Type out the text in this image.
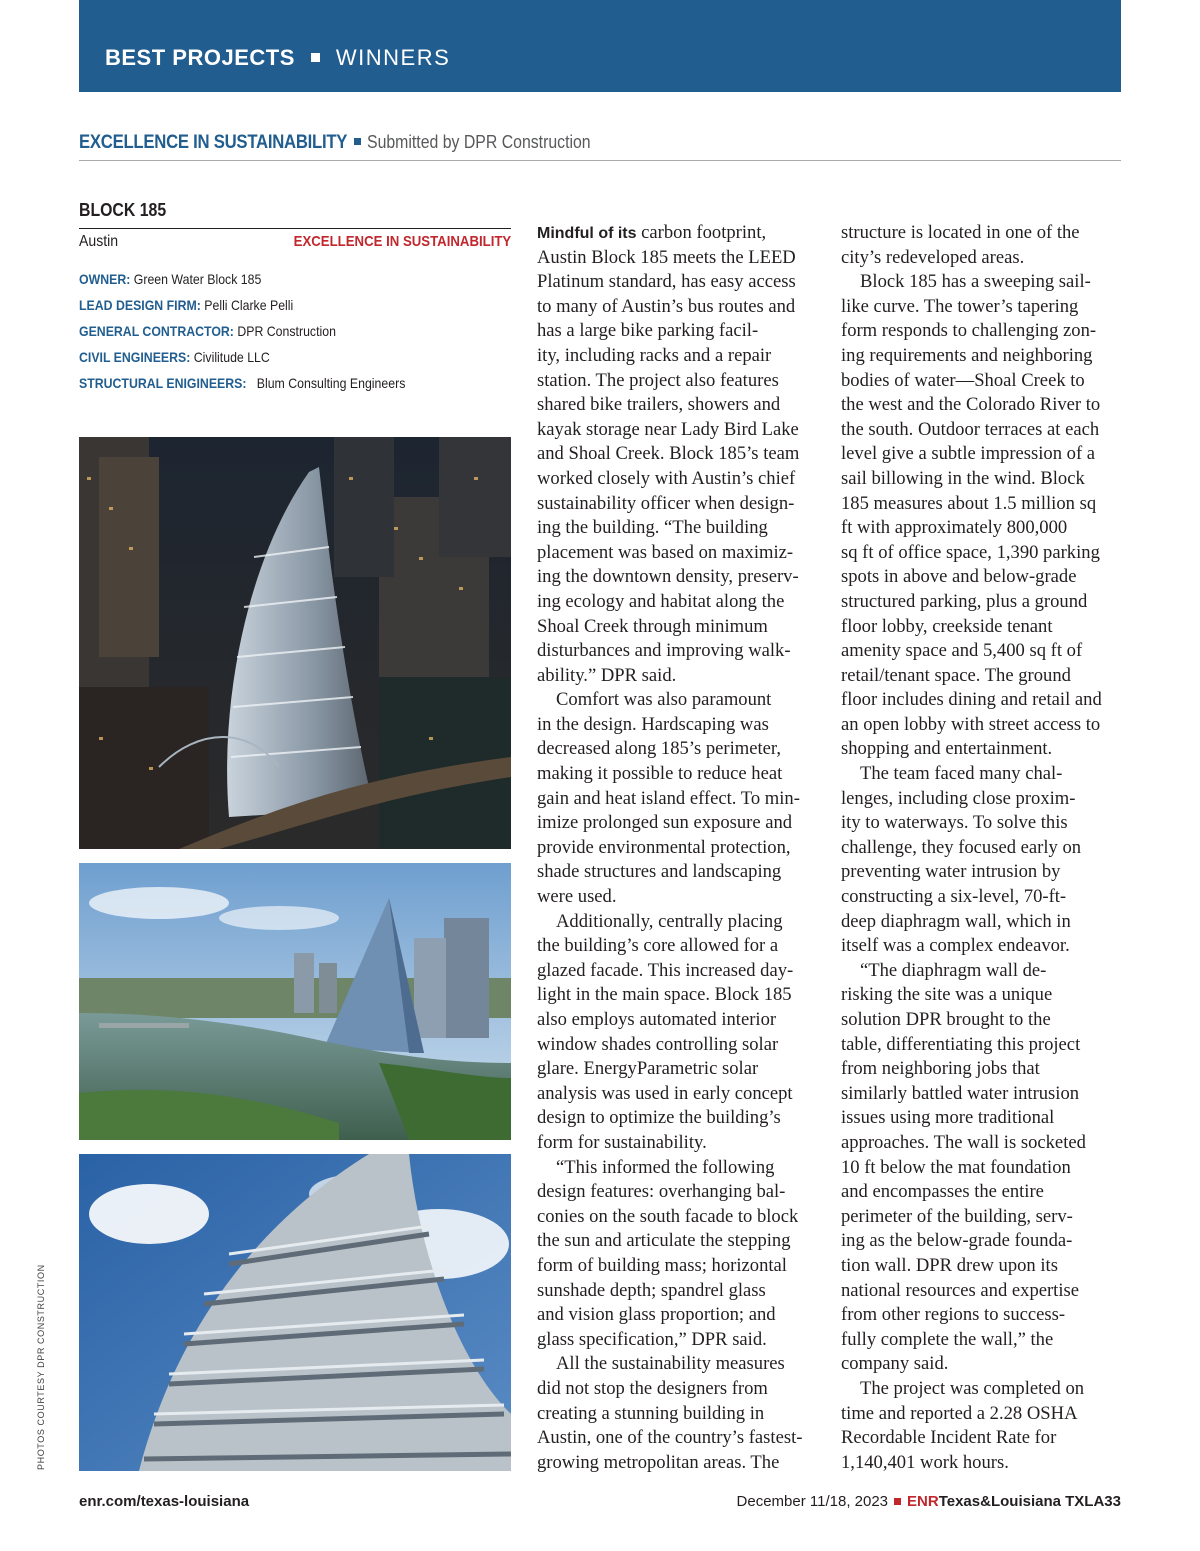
BEST PROJECTS WINNERS
EXCELLENCE IN SUSTAINABILITY Submitted by DPR Construction
BLOCK 185
Austin	EXCELLENCE IN SUSTAINABILITY
OWNER: Green Water Block 185
LEAD DESIGN FIRM: Pelli Clarke Pelli
GENERAL CONTRACTOR: DPR Construction
CIVIL ENGINEERS: Civilitude LLC
STRUCTURAL ENIGINEERS:   Blum Consulting Engineers
PHOTOS COURTESY DPR CONSTRUCTION
Mindful of its carbon footprint,
Austin Block 185 meets the LEED
Platinum standard, has easy access
to many of Austin’s bus routes and
has a large bike parking facil-
ity, including racks and a repair
station. The project also features
shared bike trailers, showers and
kayak storage near Lady Bird Lake
and Shoal Creek. Block 185’s team
worked closely with Austin’s chief
sustainability officer when design-
ing the building. “The building
placement was based on maximiz-
ing the downtown density, preserv-
ing ecology and habitat along the
Shoal Creek through minimum
disturbances and improving walk-
ability.” DPR said.
Comfort was also paramount
in the design. Hardscaping was
decreased along 185’s perimeter,
making it possible to reduce heat
gain and heat island effect. To min-
imize prolonged sun exposure and
provide environmental protection,
shade structures and landscaping
were used.
Additionally, centrally placing
the building’s core allowed for a
glazed facade. This increased day-
light in the main space. Block 185
also employs automated interior
window shades controlling solar
glare. EnergyParametric solar
analysis was used in early concept
design to optimize the building’s
form for sustainability.
“This informed the following
design features: overhanging bal-
conies on the south facade to block
the sun and articulate the stepping
form of building mass; horizontal
sunshade depth; spandrel glass
and vision glass proportion; and
glass specification,” DPR said.
All the sustainability measures
did not stop the designers from
creating a stunning building in
Austin, one of the country’s fastest-
growing metropolitan areas. The
structure is located in one of the
city’s redeveloped areas.
Block 185 has a sweeping sail-
like curve. The tower’s tapering
form responds to challenging zon-
ing requirements and neighboring
bodies of water—Shoal Creek to
the west and the Colorado River to
the south. Outdoor terraces at each
level give a subtle impression of a
sail billowing in the wind. Block
185 measures about 1.5 million sq
ft with approximately 800,000
sq ft of office space, 1,390 parking
spots in above and below-grade
structured parking, plus a ground
floor lobby, creekside tenant
amenity space and 5,400 sq ft of
retail/tenant space. The ground
floor includes dining and retail and
an open lobby with street access to
shopping and entertainment.
The team faced many chal-
lenges, including close proxim-
ity to waterways. To solve this
challenge, they focused early on
preventing water intrusion by
constructing a six-level, 70-ft-
deep diaphragm wall, which in
itself was a complex endeavor.
“The diaphragm wall de-
risking the site was a unique
solution DPR brought to the
table, differentiating this project
from neighboring jobs that
similarly battled water intrusion
issues using more traditional
approaches. The wall is socketed
10 ft below the mat foundation
and encompasses the entire
perimeter of the building, serv-
ing as the below-grade founda-
tion wall. DPR drew upon its
national resources and expertise
from other regions to success-
fully complete the wall,” the
company said.
The project was completed on
time and reported a 2.28 OSHA
Recordable Incident Rate for
1,140,401 work hours.
enr.com/texas-louisiana	December 11/18, 2023 ENRTexas&Louisiana TXLA33
